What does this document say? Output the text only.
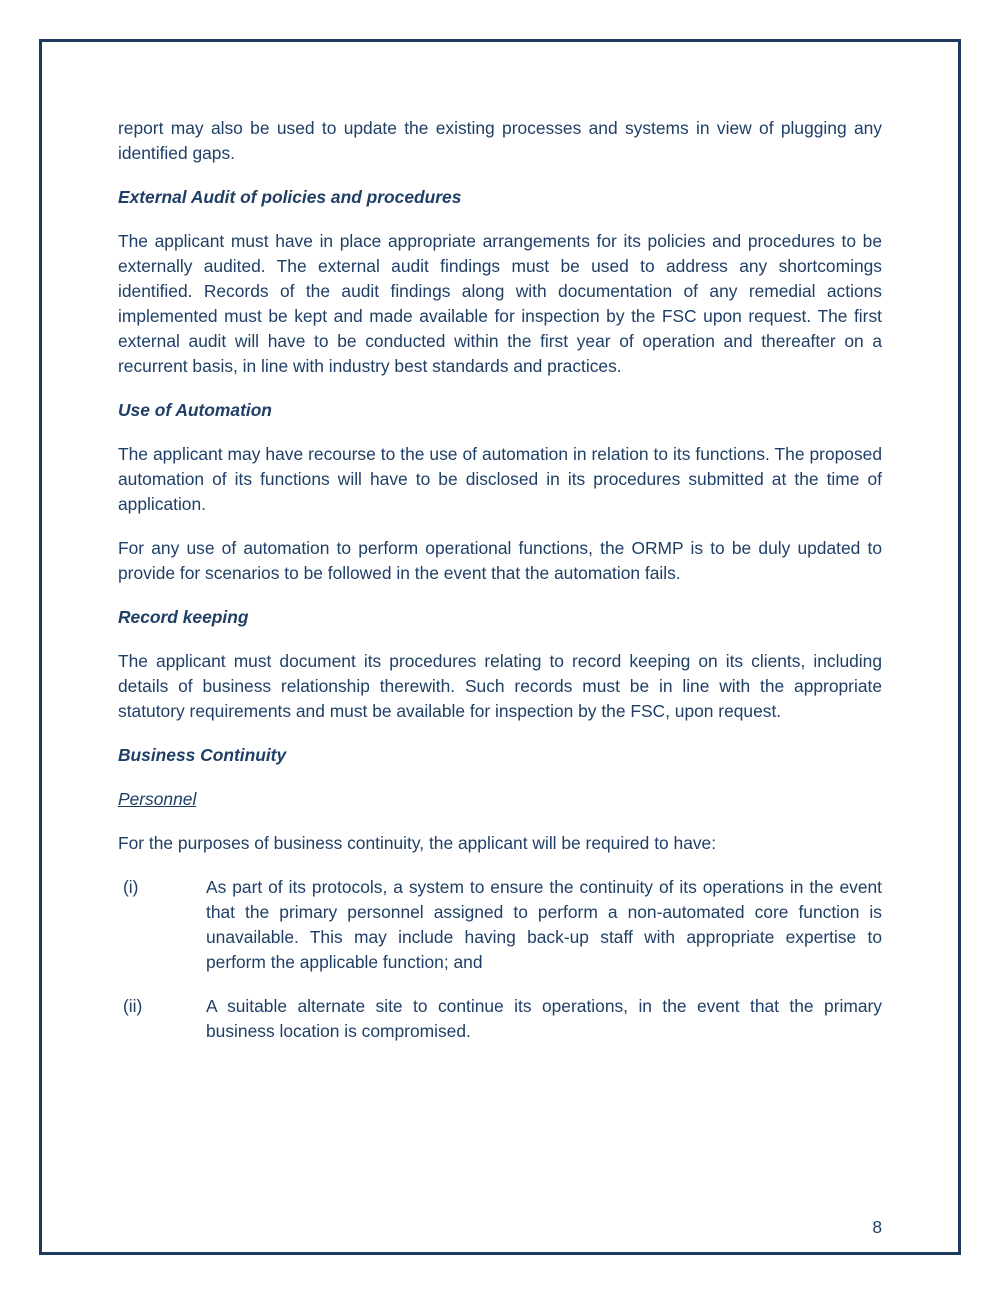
report may also be used to update the existing processes and systems in view of plugging any identified gaps.

External Audit of policies and procedures

The applicant must have in place appropriate arrangements for its policies and procedures to be externally audited. The external audit findings must be used to address any shortcomings identified. Records of the audit findings along with documentation of any remedial actions implemented must be kept and made available for inspection by the FSC upon request. The first external audit will have to be conducted within the first year of operation and thereafter on a recurrent basis, in line with industry best standards and practices.

Use of Automation

The applicant may have recourse to the use of automation in relation to its functions. The proposed automation of its functions will have to be disclosed in its procedures submitted at the time of application.

For any use of automation to perform operational functions, the ORMP is to be duly updated to provide for scenarios to be followed in the event that the automation fails.

Record keeping

The applicant must document its procedures relating to record keeping on its clients, including details of business relationship therewith. Such records must be in line with the appropriate statutory requirements and must be available for inspection by the FSC, upon request.

Business Continuity

Personnel

For the purposes of business continuity, the applicant will be required to have:

(i)	As part of its protocols, a system to ensure the continuity of its operations in the event that the primary personnel assigned to perform a non-automated core function is unavailable. This may include having back-up staff with appropriate expertise to perform the applicable function; and
(ii)	A suitable alternate site to continue its operations, in the event that the primary business location is compromised.
8
